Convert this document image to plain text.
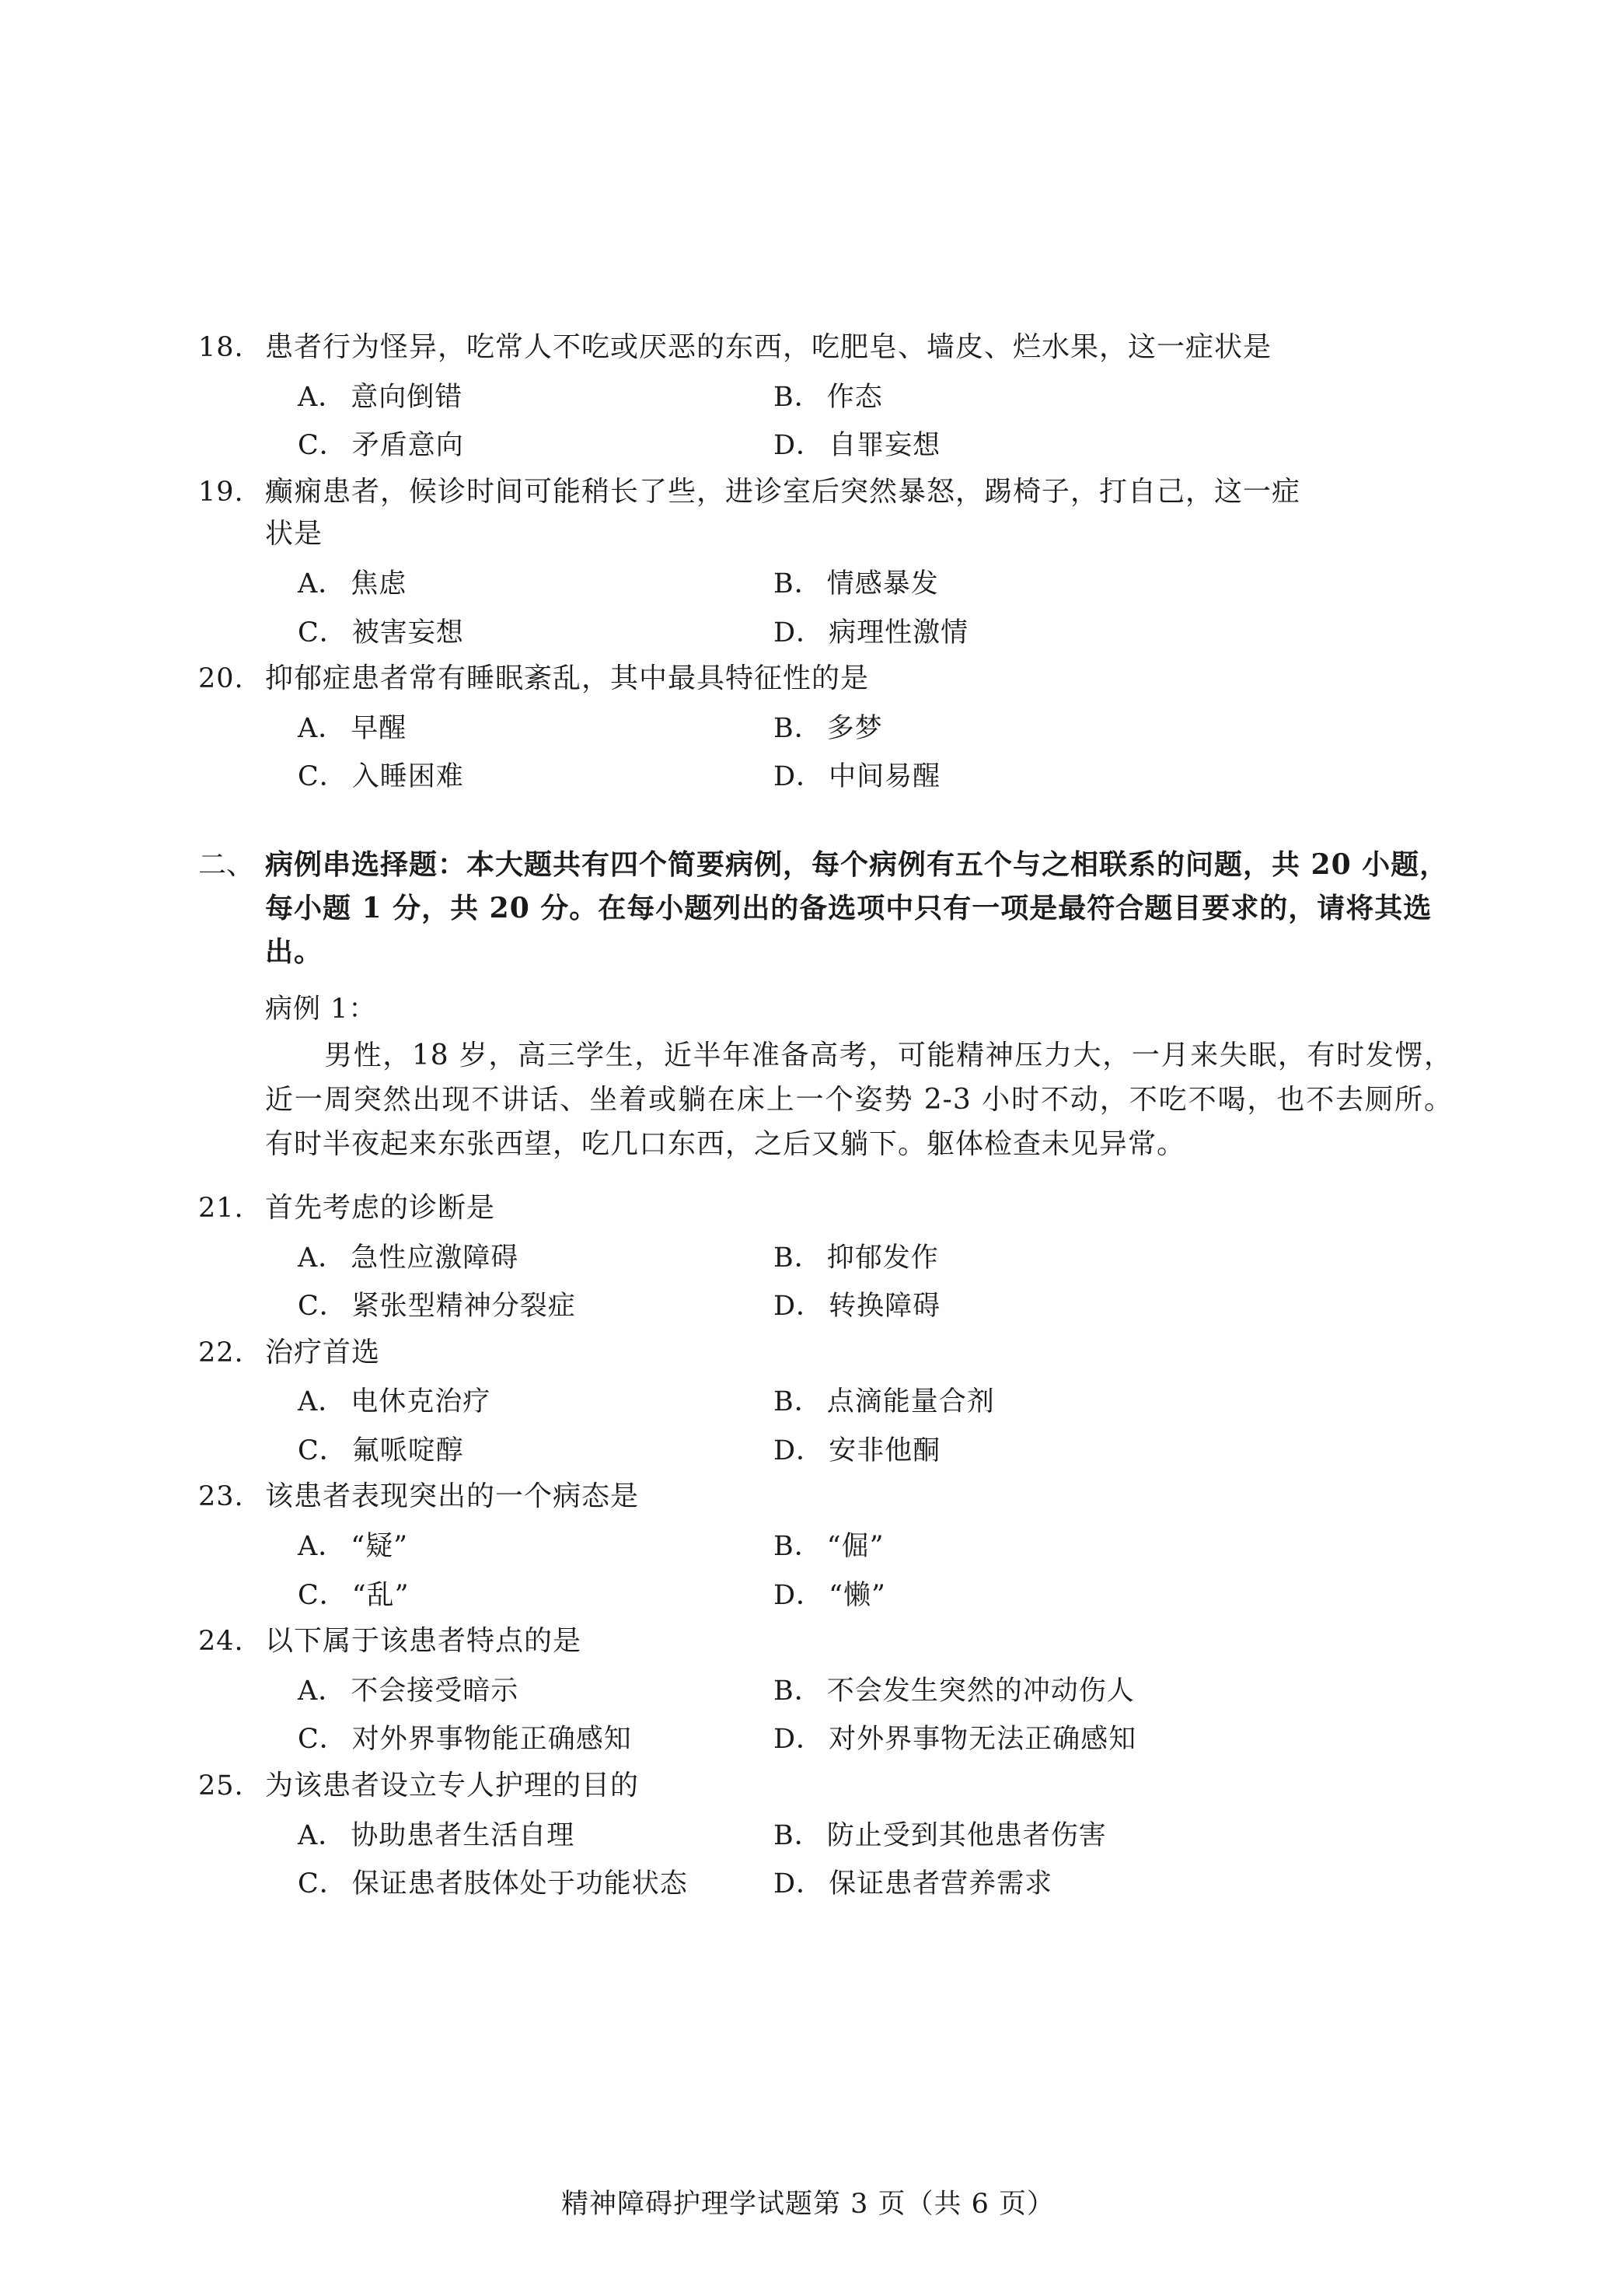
18. 患者行为怪异，吃常人不吃或厌恶的东西，吃肥皂、墙皮、烂水果，这一症状是
A． 意向倒错	B． 作态
C． 矛盾意向	D． 自罪妄想
19. 癫痫患者，候诊时间可能稍长了些，进诊室后突然暴怒，踢椅子，打自己，这一症
状是
A． 焦虑	B． 情感暴发
C． 被害妄想	D． 病理性激情
20. 抑郁症患者常有睡眠紊乱，其中最具特征性的是
A． 早醒	B． 多梦
C． 入睡困难	D． 中间易醒
二、 病例串选择题：本大题共有四个简要病例，每个病例有五个与之相联系的问题，共 20 小题，每小题 1 分，共 20 分。在每小题列出的备选项中只有一项是最符合题目要求的，请将其选出。
病例 1：
男性，18 岁，高三学生，近半年准备高考，可能精神压力大，一月来失眠，有时发愣，近一周突然出现不讲话、坐着或躺在床上一个姿势 2-3 小时不动，不吃不喝，也不去厕所。有时半夜起来东张西望，吃几口东西，之后又躺下。躯体检查未见异常。
21. 首先考虑的诊断是
A． 急性应激障碍	B． 抑郁发作
C． 紧张型精神分裂症	D． 转换障碍
22. 治疗首选
A． 电休克治疗	B． 点滴能量合剂
C． 氟哌啶醇	D． 安非他酮
23. 该患者表现突出的一个病态是
A． “疑”	B． “倔”
C． “乱”	D． “懒”
24. 以下属于该患者特点的是
A． 不会接受暗示	B． 不会发生突然的冲动伤人
C． 对外界事物能正确感知	D． 对外界事物无法正确感知
25. 为该患者设立专人护理的目的
A． 协助患者生活自理	B． 防止受到其他患者伤害
C． 保证患者肢体处于功能状态	D． 保证患者营养需求
精神障碍护理学试题第 3 页（共 6 页）
